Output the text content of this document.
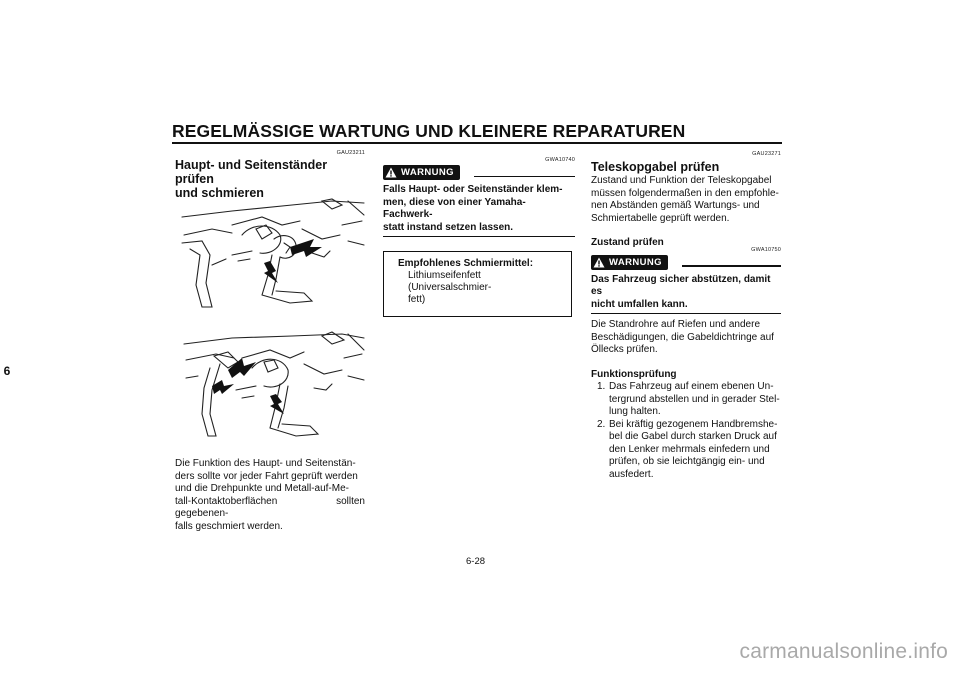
REGELMÄSSIGE WARTUNG UND KLEINERE REPARATUREN
6
GAU23211
Haupt- und Seitenständer prüfen
und schmieren
Die Funktion des Haupt- und Seitenstän-
ders sollte vor jeder Fahrt geprüft werden
und die Drehpunkte und Metall-auf-Me-
tall-Kontaktoberflächen sollten gegebenen-
falls geschmiert werden.
GWA10740
WARNUNG
Falls Haupt- oder Seitenständer klem-
men, diese von einer Yamaha-Fachwerk-
statt instand setzen lassen.
Empfohlenes Schmiermittel:
Lithiumseifenfett (Universalschmier-
fett)
GAU23271
Teleskopgabel prüfen
Zustand und Funktion der Teleskopgabel
müssen folgendermaßen in den empfohle-
nen Abständen gemäß Wartungs- und
Schmiertabelle geprüft werden.
Zustand prüfen
GWA10750
WARNUNG
Das Fahrzeug sicher abstützen, damit es
nicht umfallen kann.
Die Standrohre auf Riefen und andere
Beschädigungen, die Gabeldichtringe auf
Öllecks prüfen.
Funktionsprüfung
1. Das Fahrzeug auf einem ebenen Un-
tergrund abstellen und in gerader Stel-
lung halten.
2. Bei kräftig gezogenem Handbremshe-
bel die Gabel durch starken Druck auf
den Lenker mehrmals einfedern und
prüfen, ob sie leichtgängig ein- und
ausfedert.
6-28
carmanualsonline.info
